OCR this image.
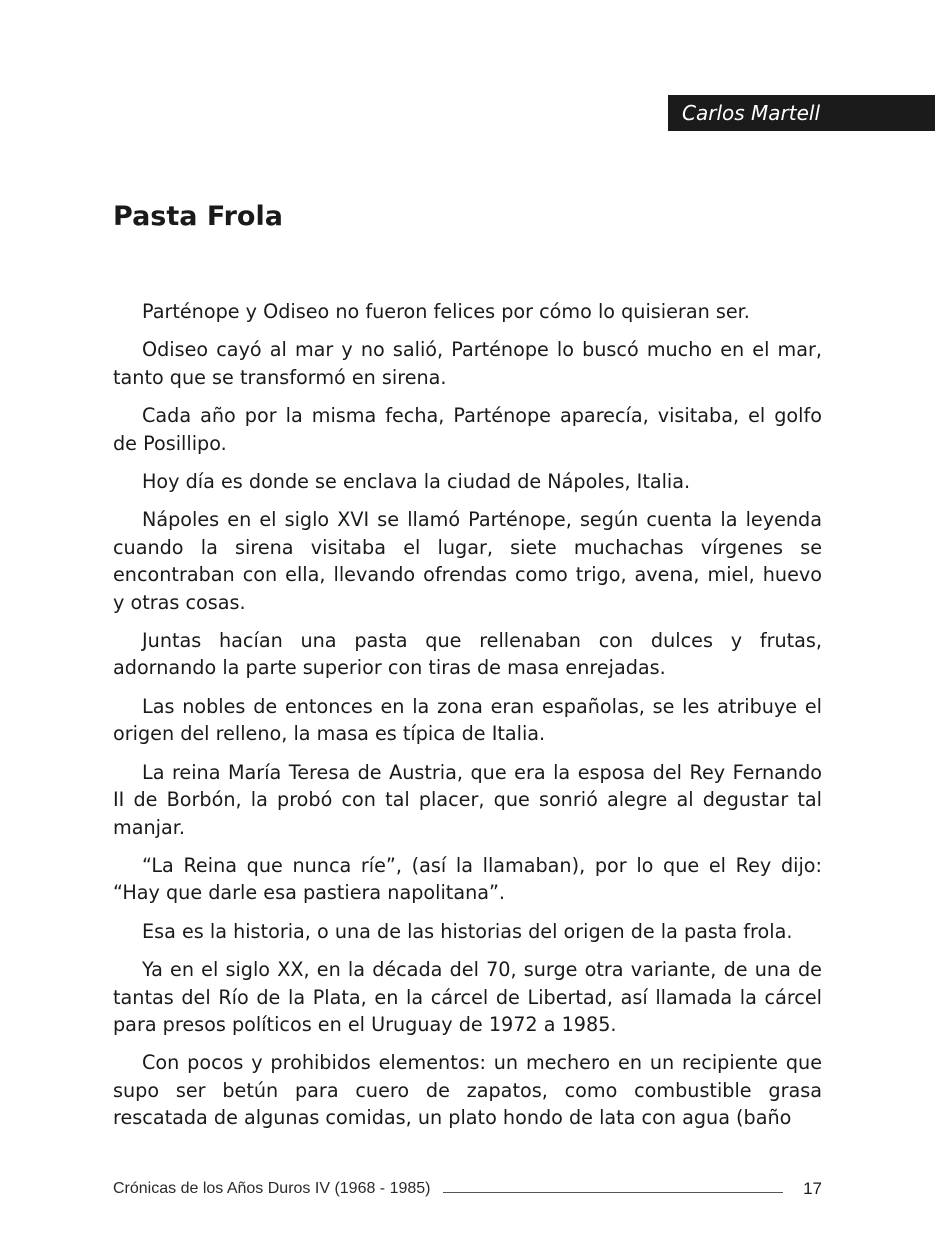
Carlos Martell
Pasta Frola

Parténope y Odiseo no fueron felices por cómo lo quisieran ser.

Odiseo cayó al mar y no salió, Parténope lo buscó mucho en el mar, tanto que se transformó en sirena.

Cada año por la misma fecha, Parténope aparecía, visitaba, el golfo de Posillipo.

Hoy día es donde se enclava la ciudad de Nápoles, Italia.

Nápoles en el siglo XVI se llamó Parténope, según cuenta la leyenda cuando la sirena visitaba el lugar, siete muchachas vírgenes se encontraban con ella, llevando ofrendas como trigo, avena, miel, huevo y otras cosas.

Juntas hacían una pasta que rellenaban con dulces y frutas, adornando la parte superior con tiras de masa enrejadas.

Las nobles de entonces en la zona eran españolas, se les atribuye el origen del relleno, la masa es típica de Italia.

La reina María Teresa de Austria, que era la esposa del Rey Fernando II de Borbón, la probó con tal placer, que sonrió alegre al degustar tal manjar.

“La Reina que nunca ríe”, (así la llamaban), por lo que el Rey dijo: “Hay que darle esa pastiera napolitana”.

Esa es la historia, o una de las historias del origen de la pasta frola.

Ya en el siglo XX, en la década del 70, surge otra variante, de una de tantas del Río de la Plata, en la cárcel de Libertad, así llamada la cárcel para presos políticos en el Uruguay de 1972 a 1985.

Con pocos y prohibidos elementos: un mechero en un recipiente que supo ser betún para cuero de zapatos, como combustible grasa rescatada de algunas comidas, un plato hondo de lata con agua (baño

Crónicas de los Años Duros IV (1968 - 1985)	17
